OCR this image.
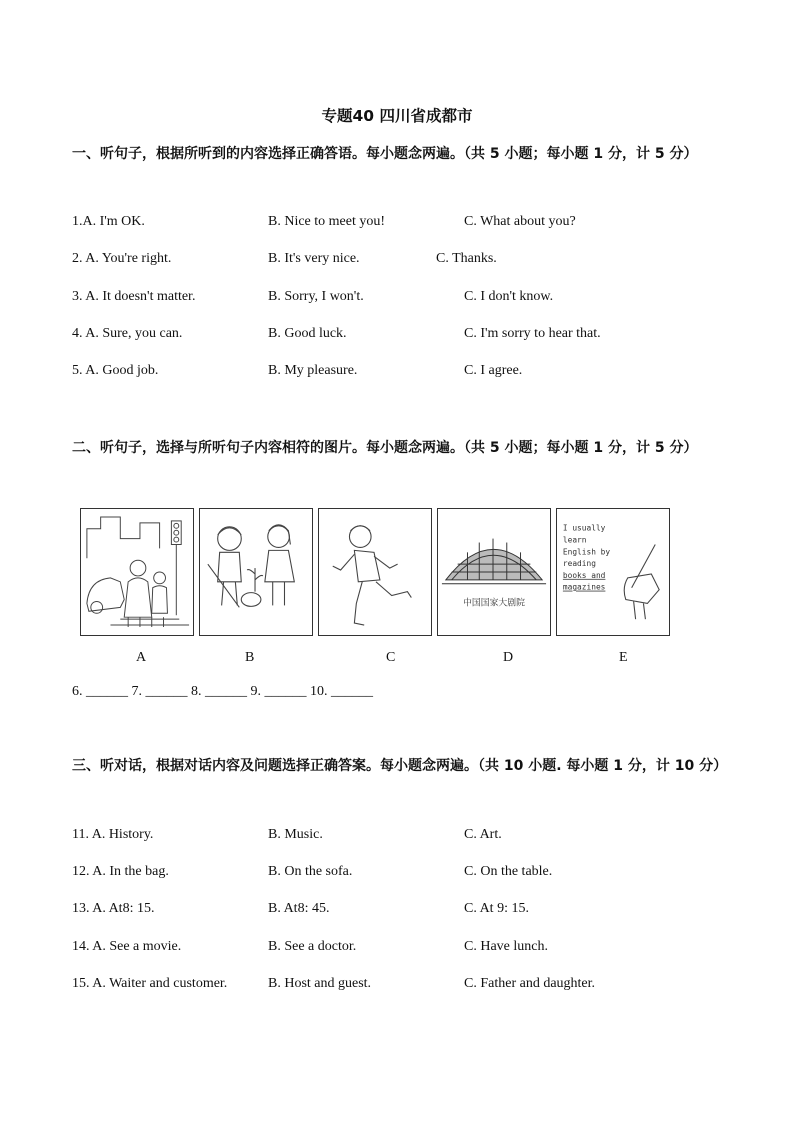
专题40 四川省成都市
一、听句子，根据所听到的内容选择正确答语。每小题念两遍。（共 5 小题；每小题 1 分，计 5 分）
1.A. I'm OK.	B. Nice to meet you!	C. What about you?
2. A. You're right.	B. It's very nice.	C. Thanks.
3. A. It doesn't matter.	B. Sorry, I won't.	C. I don't know.
4. A. Sure, you can.	B. Good luck.	C. I'm sorry to hear that.
5. A. Good job.	B. My pleasure.	C. I agree.
二、听句子，选择与所听句子内容相符的图片。每小题念两遍。（共 5 小题；每小题 1 分，计 5 分）
中国国家大剧院
I usually
learn
English by
reading
books and
magazines
A	B	C	D	E
6. ______ 7. ______ 8. ______ 9. ______ 10. ______
三、听对话，根据对话内容及问题选择正确答案。每小题念两遍。（共 10 小题. 每小题 1 分，计 10 分）
11. A. History.	B. Music.	C. Art.
12. A. In the bag.	B. On the sofa.	C. On the table.
13. A. At8: 15.	B. At8: 45.	C. At 9: 15.
14. A. See a movie.	B. See a doctor.	C. Have lunch.
15. A. Waiter and customer.	B. Host and guest.	C. Father and daughter.
